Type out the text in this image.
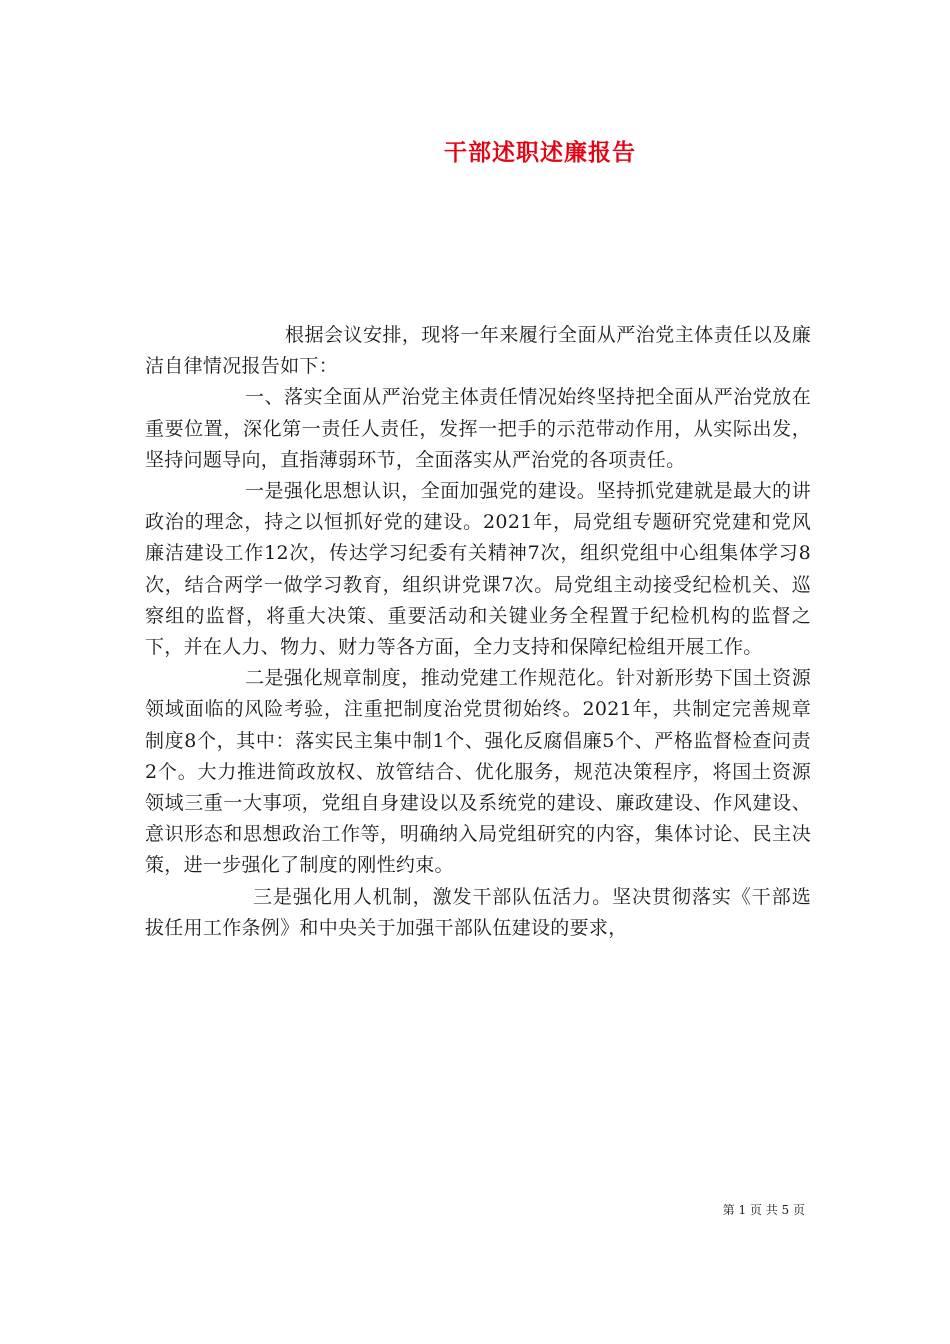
干部述职述廉报告

根据会议安排，现将一年来履行全面从严治党主体责任以及廉洁自律情况报告如下：

一、落实全面从严治党主体责任情况始终坚持把全面从严治党放在重要位置，深化第一责任人责任，发挥一把手的示范带动作用，从实际出发，坚持问题导向，直指薄弱环节，全面落实从严治党的各项责任。

一是强化思想认识，全面加强党的建设。坚持抓党建就是最大的讲政治的理念，持之以恒抓好党的建设。2021年，局党组专题研究党建和党风廉洁建设工作12次，传达学习纪委有关精神7次，组织党组中心组集体学习8次，结合两学一做学习教育，组织讲党课7次。局党组主动接受纪检机关、巡察组的监督，将重大决策、重要活动和关键业务全程置于纪检机构的监督之下，并在人力、物力、财力等各方面，全力支持和保障纪检组开展工作。

二是强化规章制度，推动党建工作规范化。针对新形势下国土资源领域面临的风险考验，注重把制度治党贯彻始终。2021年，共制定完善规章制度8个，其中：落实民主集中制1个、强化反腐倡廉5个、严格监督检查问责2个。大力推进简政放权、放管结合、优化服务，规范决策程序，将国土资源领域三重一大事项，党组自身建设以及系统党的建设、廉政建设、作风建设、意识形态和思想政治工作等，明确纳入局党组研究的内容，集体讨论、民主决策，进一步强化了制度的刚性约束。

三是强化用人机制，激发干部队伍活力。坚决贯彻落实《干部选拔任用工作条例》和中央关于加强干部队伍建设的要求，

第 1 页 共 5 页
